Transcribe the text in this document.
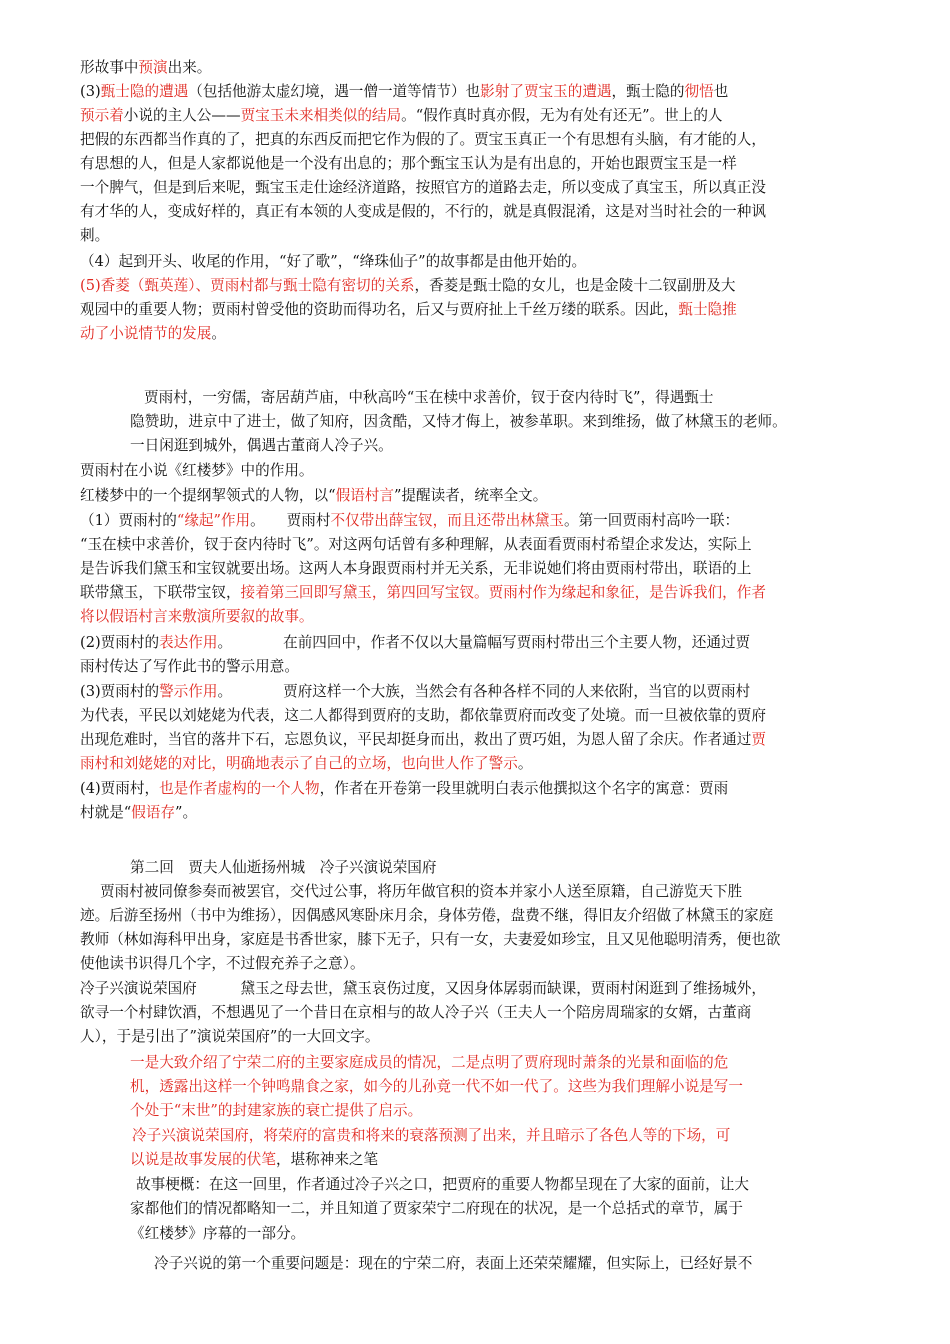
形故事中预演出来。
(3)甄士隐的遭遇（包括他游太虚幻境，遇一僧一道等情节）也影射了贾宝玉的遭遇，甄士隐的彻悟也
预示着小说的主人公——贾宝玉未来相类似的结局。“假作真时真亦假，无为有处有还无”。世上的人
把假的东西都当作真的了，把真的东西反而把它作为假的了。贾宝玉真正一个有思想有头脑，有才能的人，
有思想的人，但是人家都说他是一个没有出息的；那个甄宝玉认为是有出息的，开始也跟贾宝玉是一样
一个脾气，但是到后来呢，甄宝玉走仕途经济道路，按照官方的道路去走，所以变成了真宝玉，所以真正没
有才华的人，变成好样的，真正有本领的人变成是假的，不行的，就是真假混淆，这是对当时社会的一种讽
刺。
（4）起到开头、收尾的作用，“好了歌”，“绛珠仙子”的故事都是由他开始的。
(5)香菱（甄英莲）、贾雨村都与甄士隐有密切的关系，香菱是甄士隐的女儿，也是金陵十二钗副册及大
观园中的重要人物；贾雨村曾受他的资助而得功名，后又与贾府扯上千丝万缕的联系。因此，甄士隐推
动了小说情节的发展。
贾雨村，一穷儒，寄居葫芦庙，中秋高吟“玉在椟中求善价，钗于奁内待时飞”，得遇甄士
隐赞助，进京中了进士，做了知府，因贪酷，又恃才侮上，被参革职。来到维扬，做了林黛玉的老师。
一日闲逛到城外，偶遇古董商人冷子兴。
贾雨村在小说《红楼梦》中的作用。
红楼梦中的一个提纲挈领式的人物，以“假语村言”提醒读者，统率全文。
（1）贾雨村的“缘起”作用。　　贾雨村不仅带出薛宝钗，而且还带出林黛玉。第一回贾雨村高吟一联：
“玉在椟中求善价，钗于奁内待时飞”。对这两句话曾有多种理解，从表面看贾雨村希望企求发达，实际上
是告诉我们黛玉和宝钗就要出场。这两人本身跟贾雨村并无关系，无非说她们将由贾雨村带出，联语的上
联带黛玉，下联带宝钗，接着第三回即写黛玉，第四回写宝钗。贾雨村作为缘起和象征，是告诉我们，作者
将以假语村言来敷演所要叙的故事。
(2)贾雨村的表达作用。　　　　在前四回中，作者不仅以大量篇幅写贾雨村带出三个主要人物，还通过贾
雨村传达了写作此书的警示用意。
(3)贾雨村的警示作用。　　　　贾府这样一个大族，当然会有各种各样不同的人来依附，当官的以贾雨村
为代表，平民以刘姥姥为代表，这二人都得到贾府的支助，都依靠贾府而改变了处境。而一旦被依靠的贾府
出现危难时，当官的落井下石，忘恩负议，平民却挺身而出，救出了贾巧姐，为恩人留了余庆。作者通过贾
雨村和刘姥姥的对比，明确地表示了自己的立场，也向世人作了警示。
(4)贾雨村，也是作者虚构的一个人物，作者在开卷第一段里就明白表示他撰拟这个名字的寓意：贾雨
村就是“假语存”。
第二回　贾夫人仙逝扬州城　冷子兴演说荣国府
贾雨村被同僚参奏而被罢官，交代过公事，将历年做官积的资本并家小人送至原籍，自己游览天下胜
迹。后游至扬州（书中为维扬），因偶感风寒卧床月余，身体劳倦，盘费不继，得旧友介绍做了林黛玉的家庭
教师（林如海科甲出身，家庭是书香世家，膝下无子，只有一女，夫妻爱如珍宝，且又见他聪明清秀，便也欲
使他读书识得几个字，不过假充养子之意）。
冷子兴演说荣国府　　　黛玉之母去世，黛玉哀伤过度，又因身体孱弱而缺课，贾雨村闲逛到了维扬城外，
欲寻一个村肆饮酒，不想遇见了一个昔日在京相与的故人冷子兴（王夫人一个陪房周瑞家的女婿，古董商
人），于是引出了”演说荣国府”的一大回文字。
一是大致介绍了宁荣二府的主要家庭成员的情况，二是点明了贾府现时萧条的光景和面临的危
机，透露出这样一个钟鸣鼎食之家，如今的儿孙竟一代不如一代了。这些为我们理解小说是写一
个处于“末世”的封建家族的衰亡提供了启示。
冷子兴演说荣国府，将荣府的富贵和将来的衰落预测了出来，并且暗示了各色人等的下场，可
以说是故事发展的伏笔，堪称神来之笔
故事梗概：在这一回里，作者通过冷子兴之口，把贾府的重要人物都呈现在了大家的面前，让大
家都他们的情况都略知一二，并且知道了贾家荣宁二府现在的状况，是一个总括式的章节，属于
《红楼梦》序幕的一部分。
冷子兴说的第一个重要问题是：现在的宁荣二府，表面上还荣荣耀耀，但实际上，已经好景不
